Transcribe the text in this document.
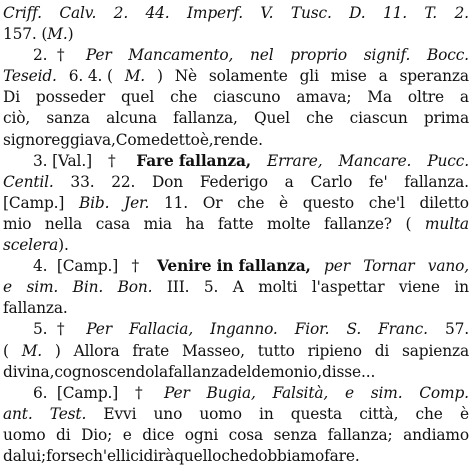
Criff. Calv. 2. 44. Imperf. V. Tusc. D. 11. T. 2.
157. ( M. )
2.  † Per Mancamento, nel proprio signif. Bocc.
Teseid. 6. 4. ( M. ) Nè solamente gli mise a speranza
Di posseder quel che ciascuno amava; Ma oltre a
ciò, sanza alcuna fallanza, Quel che ciascun prima
signoreggiava, Come detto è, rende.
3. [Val.] † Fare fallanza, Errare, Mancare. Pucc.
Centil. 33. 22. Don Federigo a Carlo fe' fallanza.
[Camp.] Bib. Jer. 11. Or che è questo che'l diletto
mio nella casa mia ha fatte molte fallanze? ( multa
scelera ).
4.  [Camp.] † Venire in fallanza, per Tornar vano,
e sim. Bin. Bon. III. 5. A molti l'aspettar viene in
fallanza.
5.  † Per Fallacia, Inganno. Fior. S. Franc. 57.
( M. ) Allora frate Masseo, tutto ripieno di sapienza
divina, cognoscendo la fallanza del demonio, disse...
6.  [Camp.] † Per Bugia, Falsità, e sim. Comp.
ant. Test. Evvi uno uomo in questa città, che è
uomo di Dio; e dice ogni cosa senza fallanza; andiamo
da lui; forse ch'elli ci dirà quello che dobbiamo fare.
